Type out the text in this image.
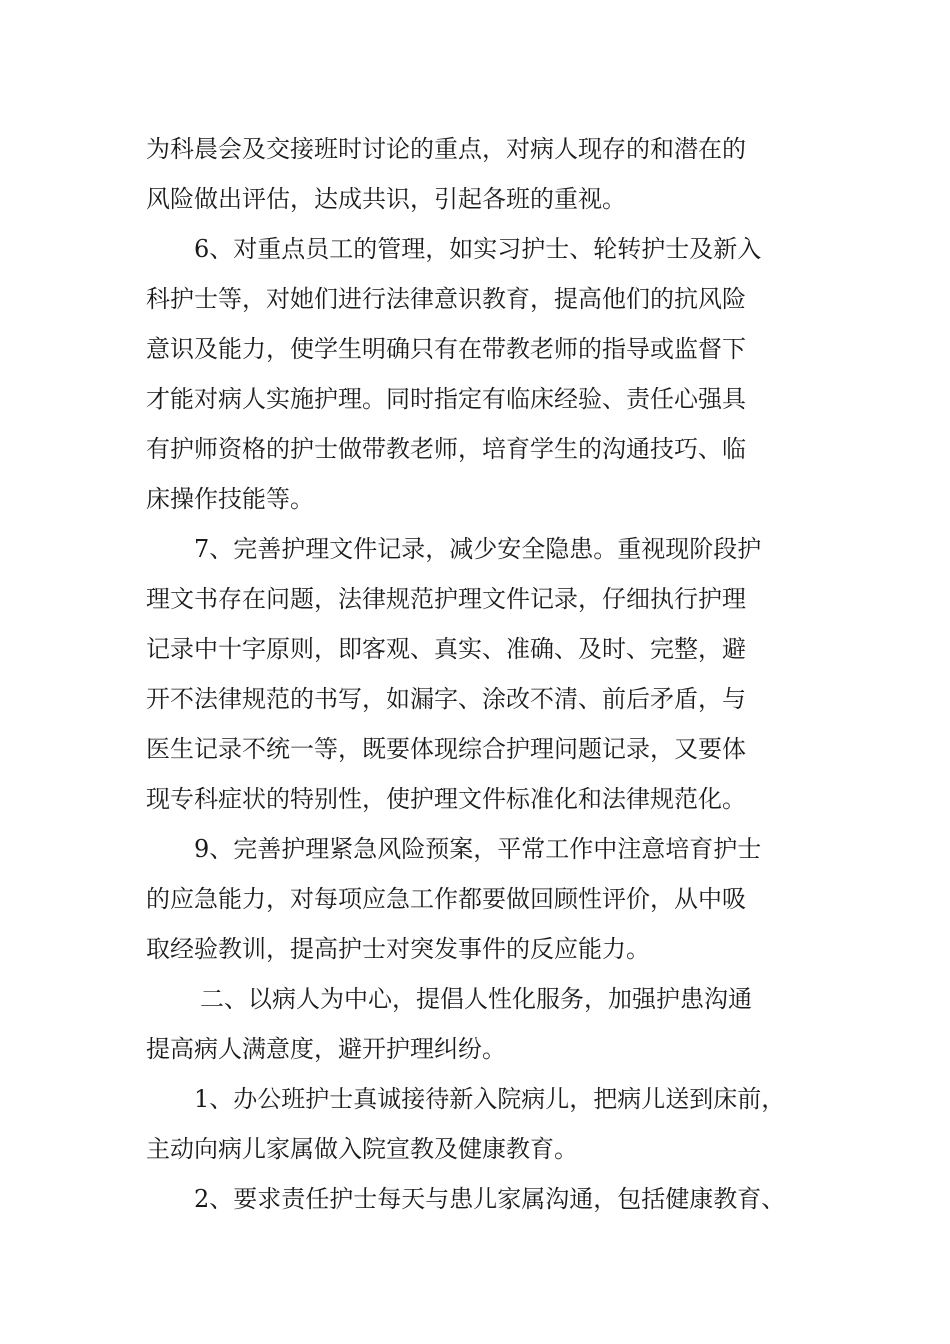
为科晨会及交接班时讨论的重点，对病人现存的和潜在的
风险做出评估，达成共识，引起各班的重视。
6、对重点员工的管理，如实习护士、轮转护士及新入
科护士等，对她们进行法律意识教育，提高他们的抗风险
意识及能力，使学生明确只有在带教老师的指导或监督下
才能对病人实施护理。同时指定有临床经验、责任心强具
有护师资格的护士做带教老师，培育学生的沟通技巧、临
床操作技能等。
7、完善护理文件记录，减少安全隐患。重视现阶段护
理文书存在问题，法律规范护理文件记录，仔细执行护理
记录中十字原则，即客观、真实、准确、及时、完整，避
开不法律规范的书写，如漏字、涂改不清、前后矛盾，与
医生记录不统一等，既要体现综合护理问题记录，又要体
现专科症状的特别性，使护理文件标准化和法律规范化。
9、完善护理紧急风险预案，平常工作中注意培育护士
的应急能力，对每项应急工作都要做回顾性评价，从中吸
取经验教训，提高护士对突发事件的反应能力。
二、以病人为中心，提倡人性化服务，加强护患沟通
提高病人满意度，避开护理纠纷。
1、办公班护士真诚接待新入院病儿，把病儿送到床前，
主动向病儿家属做入院宣教及健康教育。
2、要求责任护士每天与患儿家属沟通，包括健康教育、
